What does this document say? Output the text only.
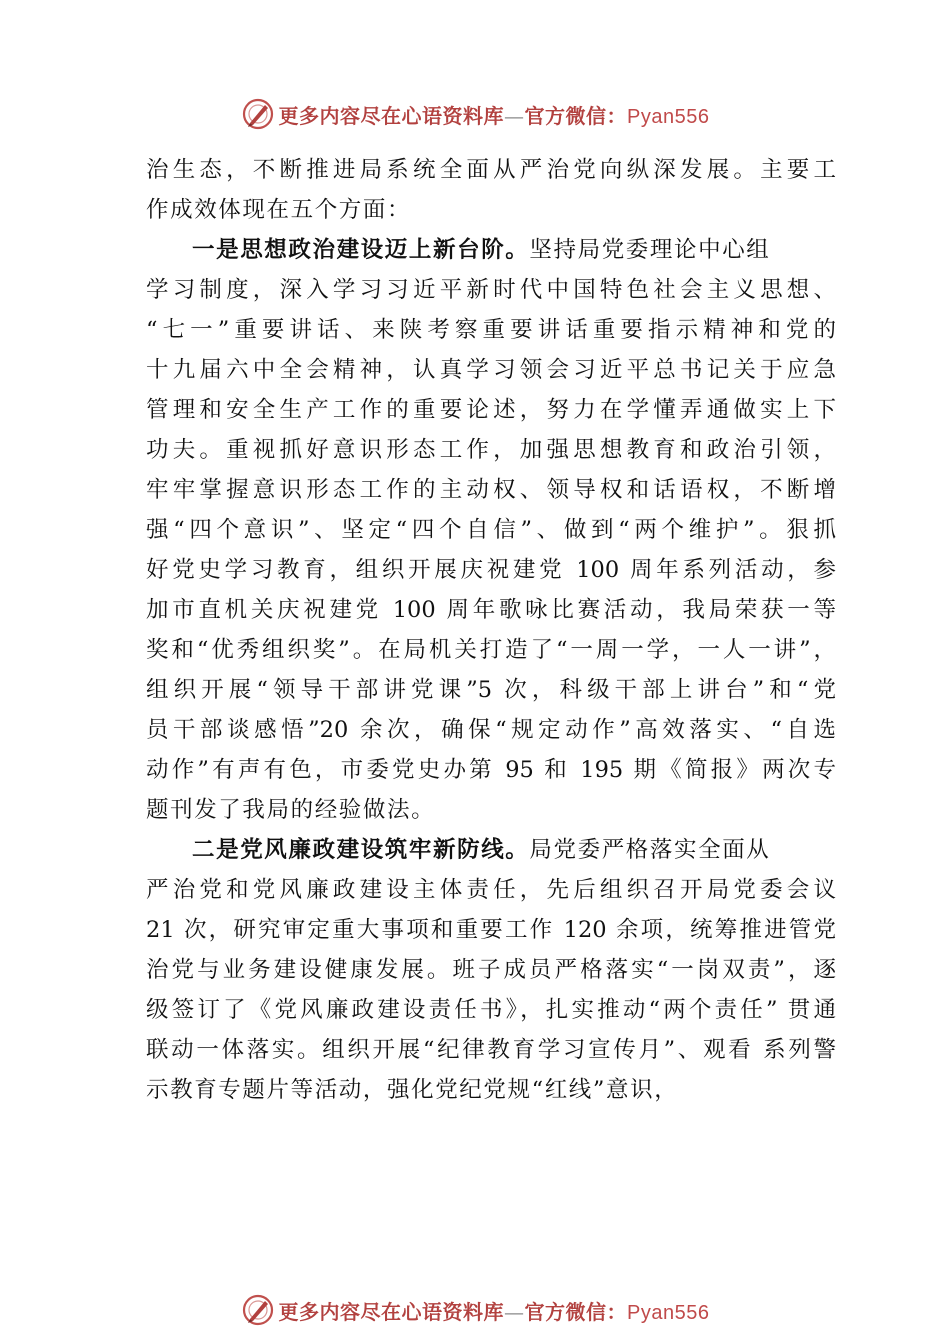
更多内容尽在心语资料库—官方微信：Pyan556
治生态，不断推进局系统全面从严治党向纵深发展。主要工
作成效体现在五个方面：
一是思想政治建设迈上新台阶。坚持局党委理论中心组
学习制度，深入学习习近平新时代中国特色社会主义思想、
“七一”重要讲话、来陕考察重要讲话重要指示精神和党的
十九届六中全会精神，认真学习领会习近平总书记关于应急
管理和安全生产工作的重要论述，努力在学懂弄通做实上下
功夫。重视抓好意识形态工作，加强思想教育和政治引领，
牢牢掌握意识形态工作的主动权、领导权和话语权，不断增
强“四个意识”、坚定“四个自信”、做到“两个维护”。狠抓
好党史学习教育，组织开展庆祝建党 100 周年系列活动，参
加市直机关庆祝建党 100 周年歌咏比赛活动，我局荣获一等
奖和“优秀组织奖”。在局机关打造了“一周一学，一人一讲”，
组织开展“领导干部讲党课”5 次，科级干部上讲台”和“党
员干部谈感悟”20 余次，确保“规定动作”高效落实、“自选
动作”有声有色，市委党史办第 95 和 195 期《简报》两次专
题刊发了我局的经验做法。
二是党风廉政建设筑牢新防线。局党委严格落实全面从
严治党和党风廉政建设主体责任，先后组织召开局党委会议
21 次，研究审定重大事项和重要工作 120 余项，统筹推进管党
治党与业务建设健康发展。班子成员严格落实“一岗双责”，逐
级签订了《党风廉政建设责任书》，扎实推动“两个责任” 贯通
联动一体落实。组织开展“纪律教育学习宣传月”、观看 系列警
示教育专题片等活动，强化党纪党规“红线”意识，
更多内容尽在心语资料库—官方微信：Pyan556
